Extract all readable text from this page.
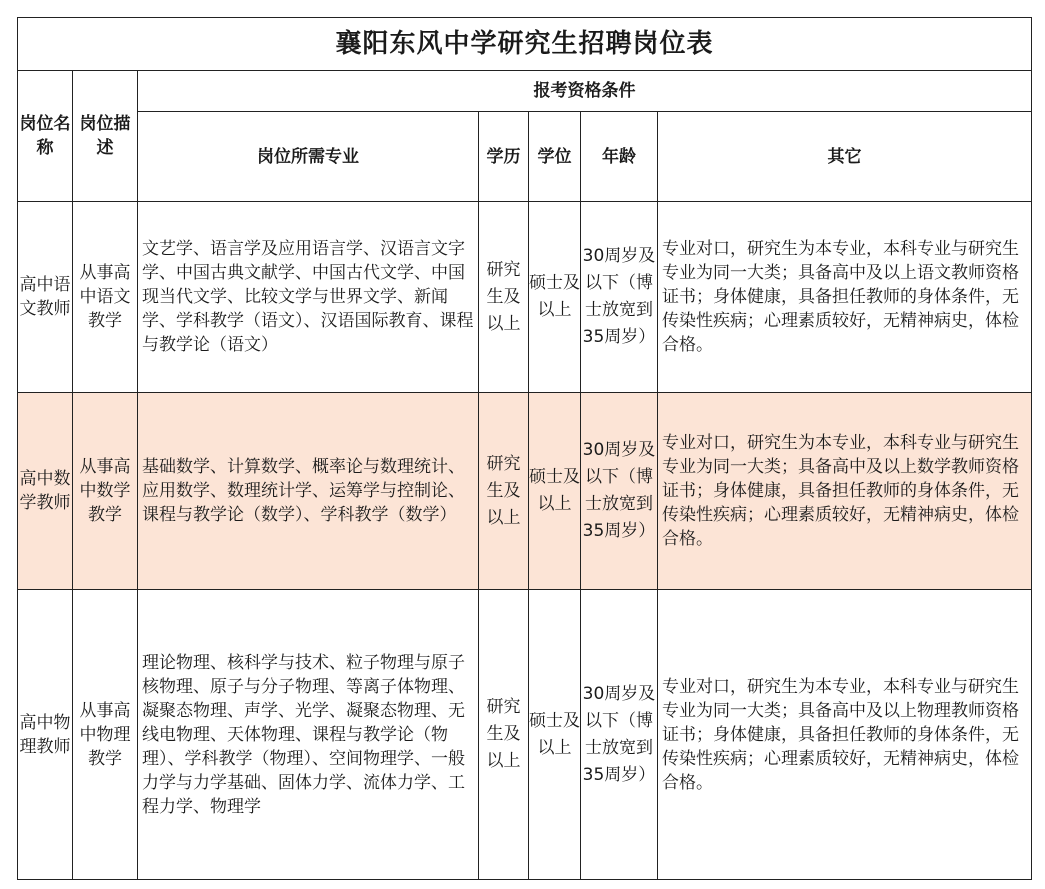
襄阳东风中学研究生招聘岗位表						
岗位名称	岗位描述	报考资格条件				
		岗位所需专业	学历	学位	年龄	其它
高中语文教师	从事高中语文教学	文艺学、语言学及应用语言学、汉语言文字学、中国古典文献学、中国古代文学、中国现当代文学、比较文学与世界文学、新闻学、学科教学（语文）、汉语国际教育、课程与教学论（语文）	研究生及以上	硕士及以上	30周岁及以下（博士放宽到35周岁）	专业对口，研究生为本专业，本科专业与研究生专业为同一大类；具备高中及以上语文教师资格证书；身体健康，具备担任教师的身体条件，无传染性疾病；心理素质较好，无精神病史，体检合格。
高中数学教师	从事高中数学教学	基础数学、计算数学、概率论与数理统计、应用数学、数理统计学、运筹学与控制论、课程与教学论（数学）、学科教学（数学）	研究生及以上	硕士及以上	30周岁及以下（博士放宽到35周岁）	专业对口，研究生为本专业，本科专业与研究生专业为同一大类；具备高中及以上数学教师资格证书；身体健康，具备担任教师的身体条件，无传染性疾病；心理素质较好，无精神病史，体检合格。
高中物理教师	从事高中物理教学	理论物理、核科学与技术、粒子物理与原子核物理、原子与分子物理、等离子体物理、凝聚态物理、声学、光学、凝聚态物理、无线电物理、天体物理、课程与教学论（物理）、学科教学（物理）、空间物理学、一般力学与力学基础、固体力学、流体力学、工程力学、物理学	研究生及以上	硕士及以上	30周岁及以下（博士放宽到35周岁）	专业对口，研究生为本专业，本科专业与研究生专业为同一大类；具备高中及以上物理教师资格证书；身体健康，具备担任教师的身体条件，无传染性疾病；心理素质较好，无精神病史，体检合格。
